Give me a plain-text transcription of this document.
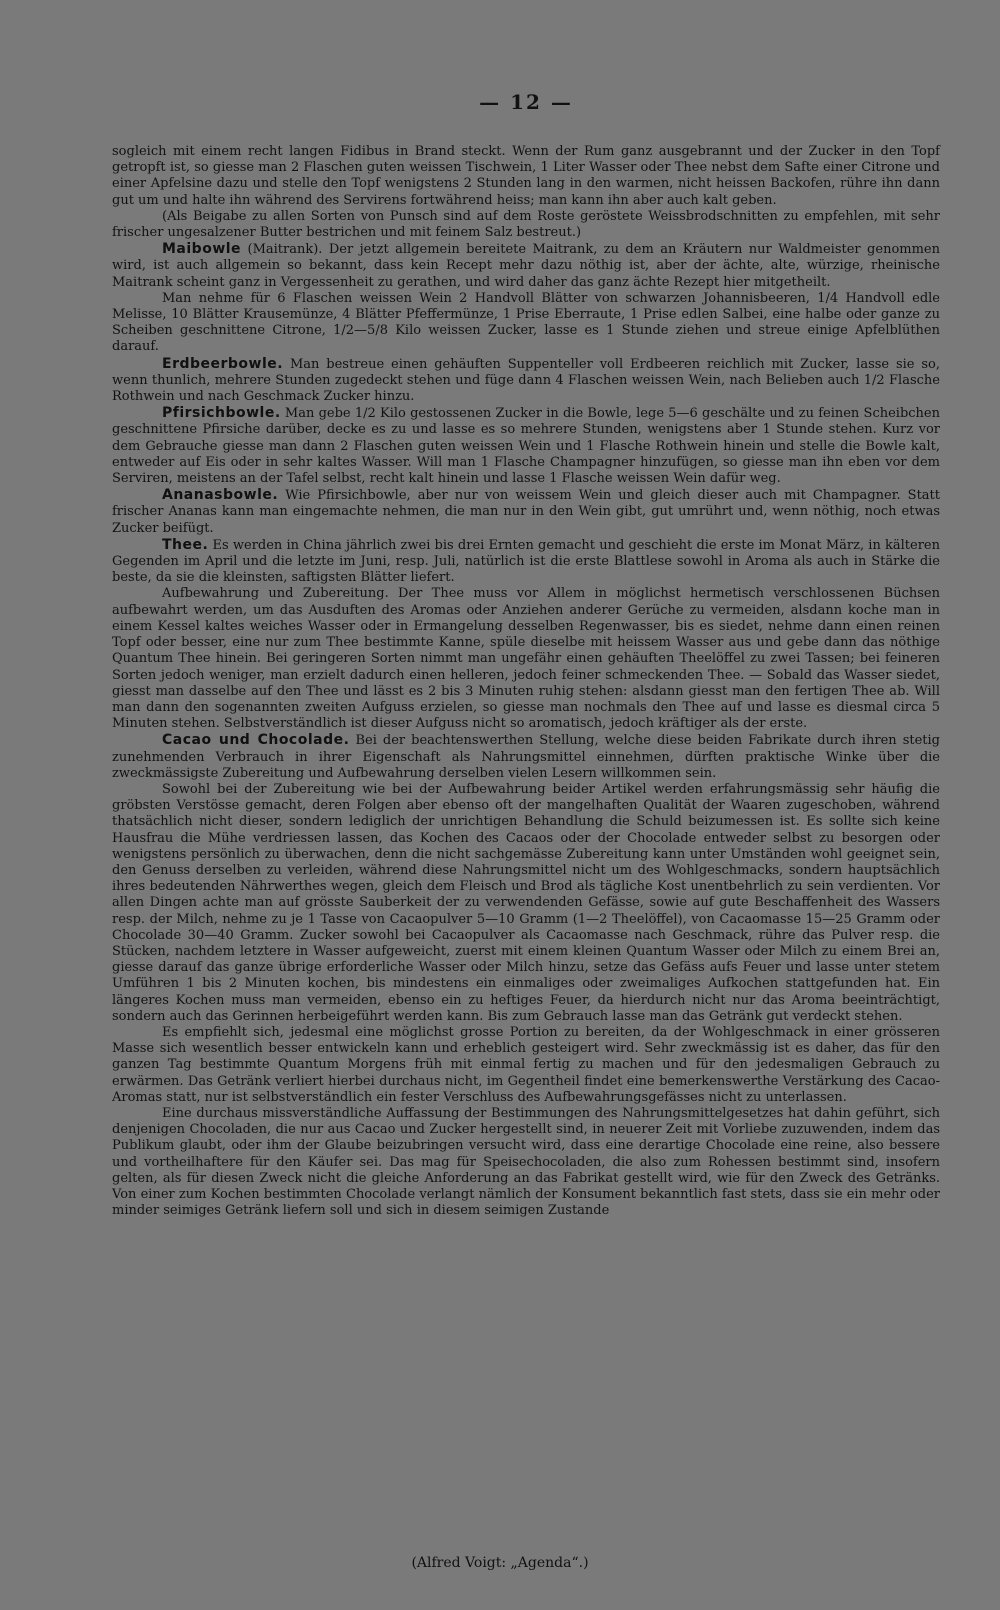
— 12 —

sogleich mit einem recht langen Fidibus in Brand steckt. Wenn der Rum ganz ausgebrannt und der Zucker in den Topf getropft ist, so giesse man 2 Flaschen guten weissen Tischwein, 1 Liter Wasser oder Thee nebst dem Safte einer Citrone und einer Apfelsine dazu und stelle den Topf wenigstens 2 Stunden lang in den warmen, nicht heissen Backofen, rühre ihn dann gut um und halte ihn während des Servirens fortwährend heiss; man kann ihn aber auch kalt geben.

(Als Beigabe zu allen Sorten von Punsch sind auf dem Roste geröstete Weissbrodschnitten zu empfehlen, mit sehr frischer ungesalzener Butter bestrichen und mit feinem Salz bestreut.)

Maibowle (Maitrank). Der jetzt allgemein bereitete Maitrank, zu dem an Kräutern nur Waldmeister genommen wird, ist auch allgemein so bekannt, dass kein Recept mehr dazu nöthig ist, aber der ächte, alte, würzige, rheinische Maitrank scheint ganz in Vergessenheit zu gerathen, und wird daher das ganz ächte Rezept hier mitgetheilt.

Man nehme für 6 Flaschen weissen Wein 2 Handvoll Blätter von schwarzen Johannisbeeren, 1/4 Handvoll edle Melisse, 10 Blätter Krausemünze, 4 Blätter Pfeffermünze, 1 Prise Eberraute, 1 Prise edlen Salbei, eine halbe oder ganze zu Scheiben geschnittene Citrone, 1/2—5/8 Kilo weissen Zucker, lasse es 1 Stunde ziehen und streue einige Apfelblüthen darauf.

Erdbeerbowle. Man bestreue einen gehäuften Suppenteller voll Erdbeeren reichlich mit Zucker, lasse sie so, wenn thunlich, mehrere Stunden zugedeckt stehen und füge dann 4 Flaschen weissen Wein, nach Belieben auch 1/2 Flasche Rothwein und nach Geschmack Zucker hinzu.

Pfirsichbowle. Man gebe 1/2 Kilo gestossenen Zucker in die Bowle, lege 5—6 geschälte und zu feinen Scheibchen geschnittene Pfirsiche darüber, decke es zu und lasse es so mehrere Stunden, wenigstens aber 1 Stunde stehen. Kurz vor dem Gebrauche giesse man dann 2 Flaschen guten weissen Wein und 1 Flasche Rothwein hinein und stelle die Bowle kalt, entweder auf Eis oder in sehr kaltes Wasser. Will man 1 Flasche Champagner hinzufügen, so giesse man ihn eben vor dem Serviren, meistens an der Tafel selbst, recht kalt hinein und lasse 1 Flasche weissen Wein dafür weg.

Ananasbowle. Wie Pfirsichbowle, aber nur von weissem Wein und gleich dieser auch mit Champagner. Statt frischer Ananas kann man eingemachte nehmen, die man nur in den Wein gibt, gut umrührt und, wenn nöthig, noch etwas Zucker beifügt.

Thee. Es werden in China jährlich zwei bis drei Ernten gemacht und geschieht die erste im Monat März, in kälteren Gegenden im April und die letzte im Juni, resp. Juli, natürlich ist die erste Blattlese sowohl in Aroma als auch in Stärke die beste, da sie die kleinsten, saftigsten Blätter liefert.

Aufbewahrung und Zubereitung. Der Thee muss vor Allem in möglichst hermetisch verschlossenen Büchsen aufbewahrt werden, um das Ausduften des Aromas oder Anziehen anderer Gerüche zu vermeiden, alsdann koche man in einem Kessel kaltes weiches Wasser oder in Ermangelung desselben Regenwasser, bis es siedet, nehme dann einen reinen Topf oder besser, eine nur zum Thee bestimmte Kanne, spüle dieselbe mit heissem Wasser aus und gebe dann das nöthige Quantum Thee hinein. Bei geringeren Sorten nimmt man ungefähr einen gehäuften Theelöffel zu zwei Tassen; bei feineren Sorten jedoch weniger, man erzielt dadurch einen helleren, jedoch feiner schmeckenden Thee. — Sobald das Wasser siedet, giesst man dasselbe auf den Thee und lässt es 2 bis 3 Minuten ruhig stehen: alsdann giesst man den fertigen Thee ab. Will man dann den sogenannten zweiten Aufguss erzielen, so giesse man nochmals den Thee auf und lasse es diesmal circa 5 Minuten stehen. Selbstverständlich ist dieser Aufguss nicht so aromatisch, jedoch kräftiger als der erste.

Cacao und Chocolade. Bei der beachtenswerthen Stellung, welche diese beiden Fabrikate durch ihren stetig zunehmenden Verbrauch in ihrer Eigenschaft als Nahrungsmittel einnehmen, dürften praktische Winke über die zweckmässigste Zubereitung und Aufbewahrung derselben vielen Lesern willkommen sein.

Sowohl bei der Zubereitung wie bei der Aufbewahrung beider Artikel werden erfahrungsmässig sehr häufig die gröbsten Verstösse gemacht, deren Folgen aber ebenso oft der mangelhaften Qualität der Waaren zugeschoben, während thatsächlich nicht dieser, sondern lediglich der unrichtigen Behandlung die Schuld beizumessen ist. Es sollte sich keine Hausfrau die Mühe verdriessen lassen, das Kochen des Cacaos oder der Chocolade entweder selbst zu besorgen oder wenigstens persönlich zu überwachen, denn die nicht sachgemässe Zubereitung kann unter Umständen wohl geeignet sein, den Genuss derselben zu verleiden, während diese Nahrungsmittel nicht um des Wohlgeschmacks, sondern hauptsächlich ihres bedeutenden Nährwerthes wegen, gleich dem Fleisch und Brod als tägliche Kost unentbehrlich zu sein verdienten. Vor allen Dingen achte man auf grösste Sauberkeit der zu verwendenden Gefässe, sowie auf gute Beschaffenheit des Wassers resp. der Milch, nehme zu je 1 Tasse von Cacaopulver 5—10 Gramm (1—2 Theelöffel), von Cacaomasse 15—25 Gramm oder Chocolade 30—40 Gramm. Zucker sowohl bei Cacaopulver als Cacaomasse nach Geschmack, rühre das Pulver resp. die Stücken, nachdem letztere in Wasser aufgeweicht, zuerst mit einem kleinen Quantum Wasser oder Milch zu einem Brei an, giesse darauf das ganze übrige erforderliche Wasser oder Milch hinzu, setze das Gefäss aufs Feuer und lasse unter stetem Umführen 1 bis 2 Minuten kochen, bis mindestens ein einmaliges oder zweimaliges Aufkochen stattgefunden hat. Ein längeres Kochen muss man vermeiden, ebenso ein zu heftiges Feuer, da hierdurch nicht nur das Aroma beeinträchtigt, sondern auch das Gerinnen herbeigeführt werden kann. Bis zum Gebrauch lasse man das Getränk gut verdeckt stehen.

Es empfiehlt sich, jedesmal eine möglichst grosse Portion zu bereiten, da der Wohlgeschmack in einer grösseren Masse sich wesentlich besser entwickeln kann und erheblich gesteigert wird. Sehr zweckmässig ist es daher, das für den ganzen Tag bestimmte Quantum Morgens früh mit einmal fertig zu machen und für den jedesmaligen Gebrauch zu erwärmen. Das Getränk verliert hierbei durchaus nicht, im Gegentheil findet eine bemerkenswerthe Verstärkung des Cacao-Aromas statt, nur ist selbstverständlich ein fester Verschluss des Aufbewahrungsgefässes nicht zu unterlassen.

Eine durchaus missverständliche Auffassung der Bestimmungen des Nahrungsmittelgesetzes hat dahin geführt, sich denjenigen Chocoladen, die nur aus Cacao und Zucker hergestellt sind, in neuerer Zeit mit Vorliebe zuzuwenden, indem das Publikum glaubt, oder ihm der Glaube beizubringen versucht wird, dass eine derartige Chocolade eine reine, also bessere und vortheilhaftere für den Käufer sei. Das mag für Speisechocoladen, die also zum Rohessen bestimmt sind, insofern gelten, als für diesen Zweck nicht die gleiche Anforderung an das Fabrikat gestellt wird, wie für den Zweck des Getränks. Von einer zum Kochen bestimmten Chocolade verlangt nämlich der Konsument bekanntlich fast stets, dass sie ein mehr oder minder seimiges Getränk liefern soll und sich in diesem seimigen Zustande

(Alfred Voigt: „Agenda“.)
